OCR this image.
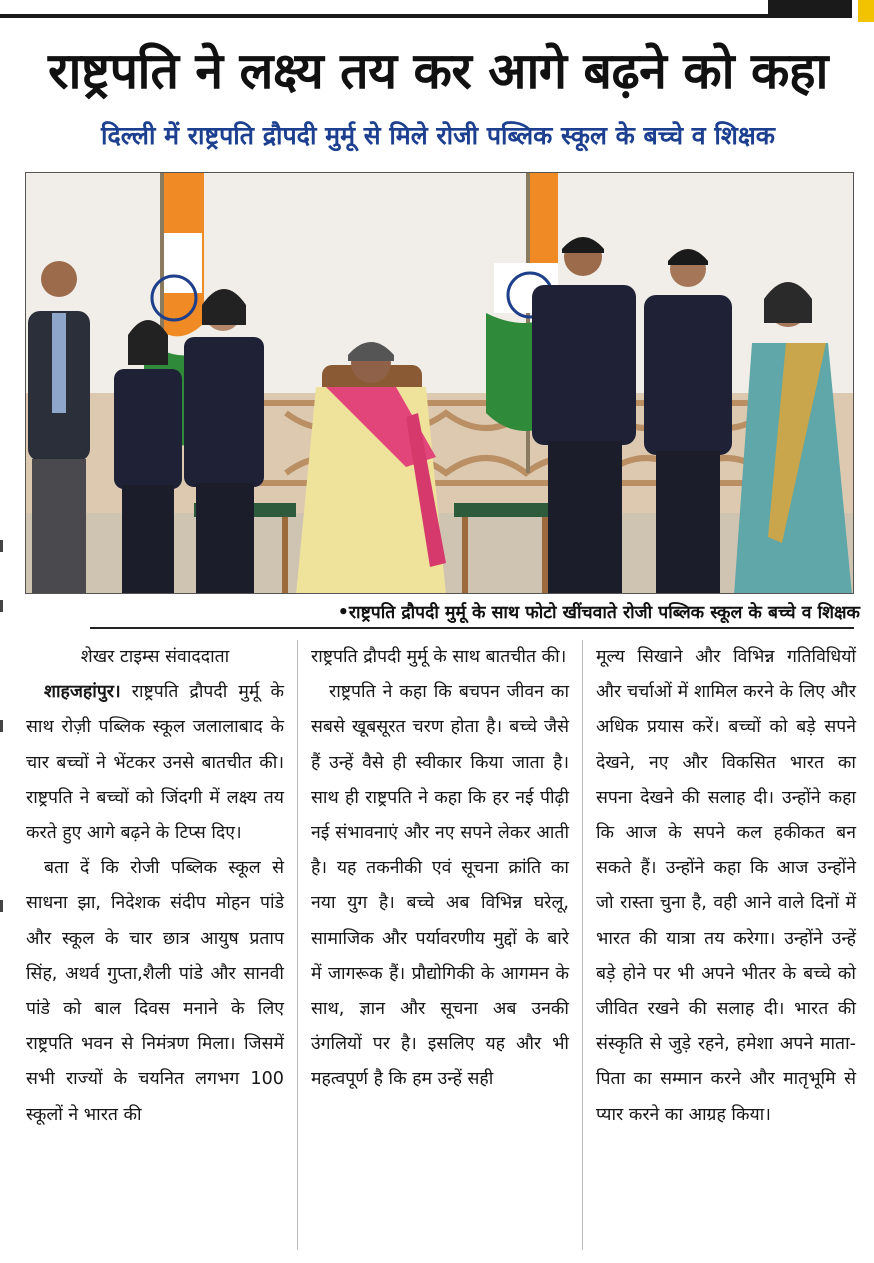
राष्ट्रपति ने लक्ष्य तय कर आगे बढ़ने को कहा
दिल्ली में राष्ट्रपति द्रौपदी मुर्मू से मिले रोजी पब्लिक स्कूल के बच्चे व शिक्षक
•राष्ट्रपति द्रौपदी मुर्मू के साथ फोटो खींचवाते रोजी पब्लिक स्कूल के बच्चे व शिक्षक
शेखर टाइम्स संवाददाता

शाहजहांपुर। राष्ट्रपति द्रौपदी मुर्मू के साथ रोज़ी पब्लिक स्कूल जलालाबाद के चार बच्चों ने भेंटकर उनसे बातचीत की। राष्ट्रपति ने बच्चों को जिंदगी में लक्ष्य तय करते हुए आगे बढ़ने के टिप्स दिए।

बता दें कि रोजी पब्लिक स्कूल से साधना झा, निदेशक संदीप मोहन पांडे और स्कूल के चार छात्र आयुष प्रताप सिंह, अथर्व गुप्ता,शैली पांडे और सानवी पांडे को बाल दिवस मनाने के लिए राष्ट्रपति भवन से निमंत्रण मिला। जिसमें सभी राज्यों के चयनित लगभग 100 स्कूलों ने भारत की

राष्ट्रपति द्रौपदी मुर्मू के साथ बातचीत की।

राष्ट्रपति ने कहा कि बचपन जीवन का सबसे खूबसूरत चरण होता है। बच्चे जैसे हैं उन्हें वैसे ही स्वीकार किया जाता है। साथ ही राष्ट्रपति ने कहा कि हर नई पीढ़ी नई संभावनाएं और नए सपने लेकर आती है। यह तकनीकी एवं सूचना क्रांति का नया युग है। बच्चे अब विभिन्न घरेलू, सामाजिक और पर्यावरणीय मुद्दों के बारे में जागरूक हैं। प्रौद्योगिकी के आगमन के साथ, ज्ञान और सूचना अब उनकी उंगलियों पर है। इसलिए यह और भी महत्वपूर्ण है कि हम उन्हें सही

मूल्य सिखाने और विभिन्न गतिविधियों और चर्चाओं में शामिल करने के लिए और अधिक प्रयास करें। बच्चों को बड़े सपने देखने, नए और विकसित भारत का सपना देखने की सलाह दी। उन्होंने कहा कि आज के सपने कल हकीकत बन सकते हैं। उन्होंने कहा कि आज उन्होंने जो रास्ता चुना है, वही आने वाले दिनों में भारत की यात्रा तय करेगा। उन्होंने उन्हें बड़े होने पर भी अपने भीतर के बच्चे को जीवित रखने की सलाह दी। भारत की संस्कृति से जुड़े रहने, हमेशा अपने माता-पिता का सम्मान करने और मातृभूमि से प्यार करने का आग्रह किया।
